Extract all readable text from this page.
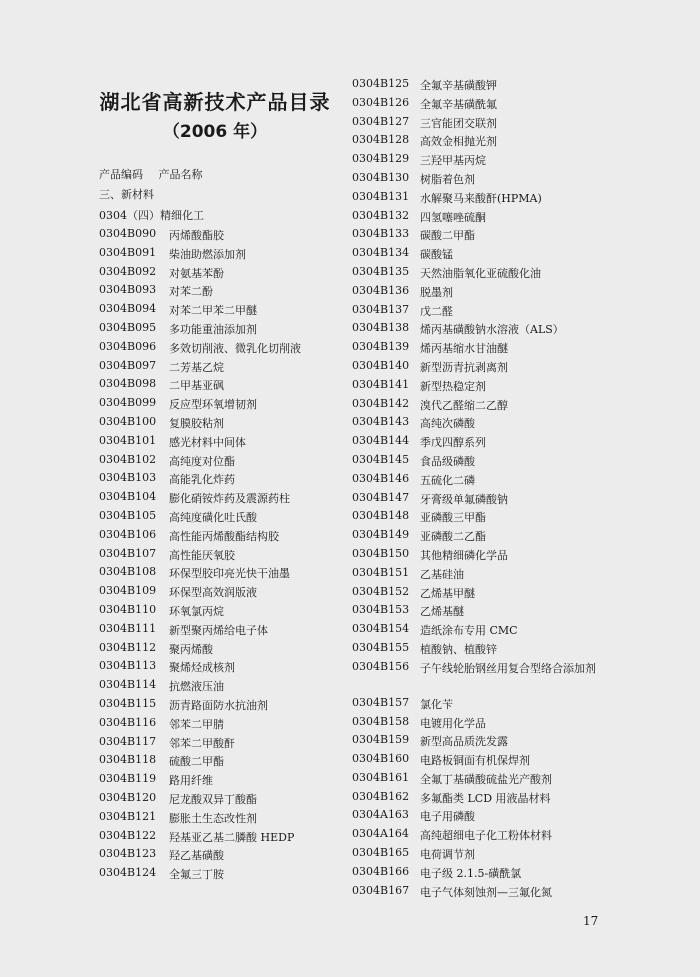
湖北省高新技术产品目录
（2006 年）
产品编码 产品名称
三、新材料
0304（四）精细化工
0304B090 丙烯酸酯胶
0304B091 柴油助燃添加剂
0304B092 对氨基苯酚
0304B093 对苯二酚
0304B094 对苯二甲苯二甲醚
0304B095 多功能重油添加剂
0304B096 多效切削液、微乳化切削液
0304B097 二芳基乙烷
0304B098 二甲基亚砜
0304B099 反应型环氧增韧剂
0304B100 复膜胶粘剂
0304B101 感光材料中间体
0304B102 高纯度对位酯
0304B103 高能乳化炸药
0304B104 膨化硝铵炸药及震源药柱
0304B105 高纯度磺化吐氏酸
0304B106 高性能丙烯酸酯结构胶
0304B107 高性能厌氧胶
0304B108 环保型胶印亮光快干油墨
0304B109 环保型高效润版液
0304B110 环氧氯丙烷
0304B111 新型聚丙烯给电子体
0304B112 聚丙烯酸
0304B113 聚烯烃成核剂
0304B114 抗燃液压油
0304B115 沥青路面防水抗油剂
0304B116 邻苯二甲腈
0304B117 邻苯二甲酸酐
0304B118 硫酸二甲酯
0304B119 路用纤维
0304B120 尼龙酸双异丁酸酯
0304B121 膨胀土生态改性剂
0304B122 羟基亚乙基二膦酸 HEDP
0304B123 羟乙基磺酸
0304B124 全氟三丁胺
0304B125 全氟辛基磺酸钾
0304B126 全氟辛基磺酰氟
0304B127 三官能团交联剂
0304B128 高效金相抛光剂
0304B129 三羟甲基丙烷
0304B130 树脂着色剂
0304B131 水解聚马来酸酐(HPMA)
0304B132 四氢噻唑硫酮
0304B133 碳酸二甲酯
0304B134 碳酸锰
0304B135 天然油脂氧化亚硫酸化油
0304B136 脱墨剂
0304B137 戊二醛
0304B138 烯丙基磺酸钠水溶液（ALS）
0304B139 烯丙基缩水甘油醚
0304B140 新型沥青抗剥离剂
0304B141 新型热稳定剂
0304B142 溴代乙醛缩二乙醇
0304B143 高纯次磷酸
0304B144 季戊四醇系列
0304B145 食品级磷酸
0304B146 五硫化二磷
0304B147 牙膏级单氟磷酸钠
0304B148 亚磷酸三甲酯
0304B149 亚磷酸二乙酯
0304B150 其他精细磷化学品
0304B151 乙基硅油
0304B152 乙烯基甲醚
0304B153 乙烯基醚
0304B154 造纸涂布专用 CMC
0304B155 植酸钠、植酸锌
0304B156 子午线轮胎钢丝用复合型络合添加剂
0304B157 氯化苄
0304B158 电镀用化学品
0304B159 新型高品质洗发露
0304B160 电路板铜面有机保焊剂
0304B161 全氟丁基磺酸硫盐光产酸剂
0304B162 多氟酯类 LCD 用液晶材料
0304A163 电子用磷酸
0304A164 高纯超细电子化工粉体材料
0304B165 电荷调节剂
0304B166 电子级 2.1.5-磺酰氯
0304B167 电子气体刻蚀剂—三氟化氮
17
